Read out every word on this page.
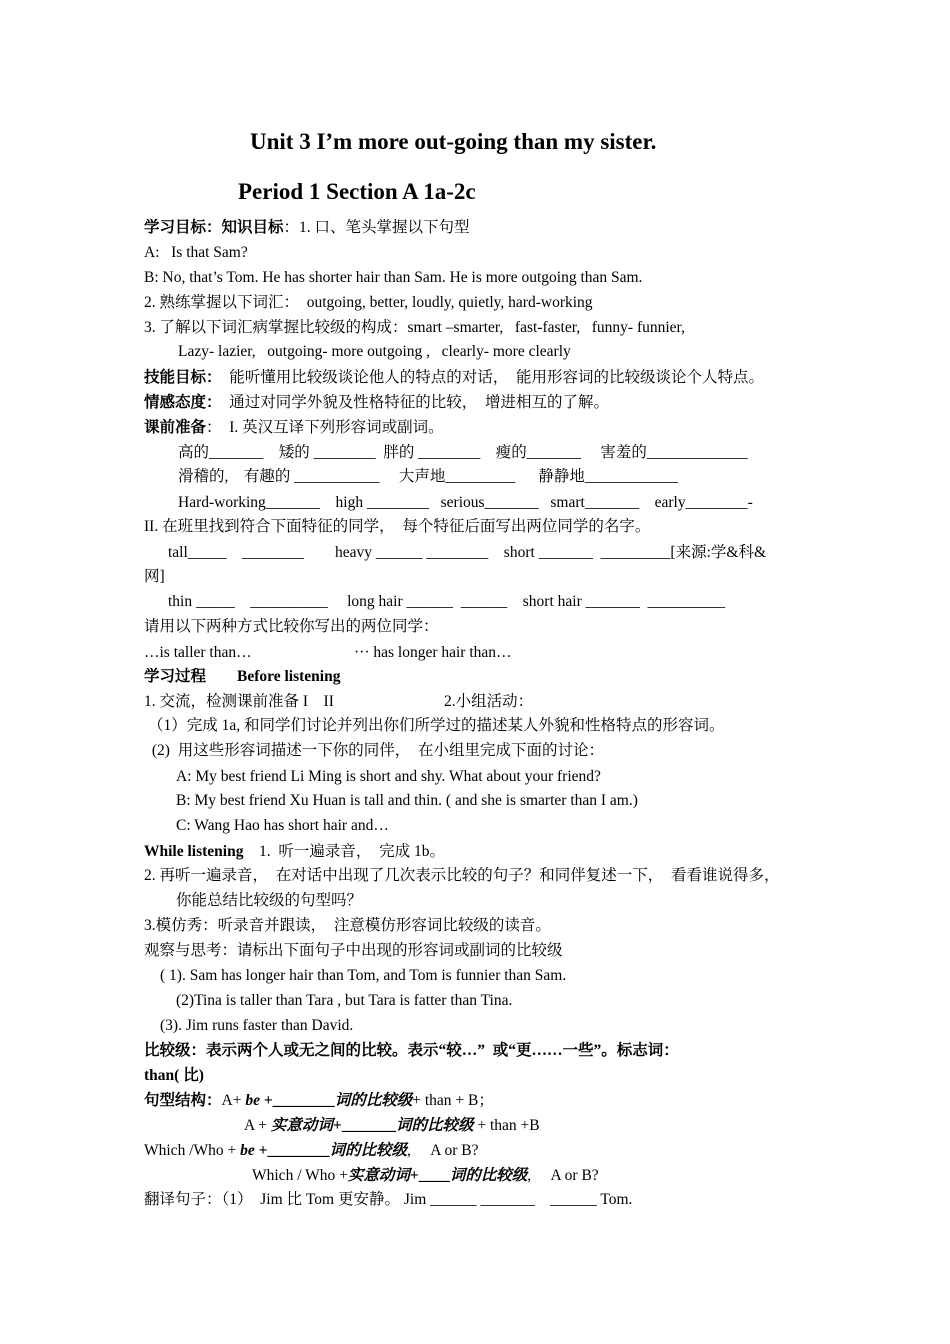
Unit 3 I’m more out-going than my sister.
Period 1 Section A 1a-2c
学习目标：知识目标：1. 口、笔头掌握以下句型
A:   Is that Sam?
B: No, that’s Tom. He has shorter hair than Sam. He is more outgoing than Sam.
2. 熟练掌握以下词汇：  outgoing, better, loudly, quietly, hard-working
3. 了解以下词汇病掌握比较级的构成：smart –smarter,   fast-faster,   funny- funnier,
Lazy- lazier,   outgoing- more outgoing ,   clearly- more clearly
技能目标：  能听懂用比较级谈论他人的特点的对话，  能用形容词的比较级谈论个人特点。
情感态度：  通过对同学外貌及性格特征的比较，  增进相互的了解。
课前准备：  I. 英汉互译下列形容词或副词。
高的_______    矮的 ________  胖的 ________    瘦的_______     害羞的_____________
滑稽的,    有趣的 ___________     大声地_________      静静地____________
Hard-working_______    high ________   serious_______   smart_______    early________-
II. 在班里找到符合下面特征的同学，  每个特征后面写出两位同学的名字。
tall_____    ________        heavy ______ ________    short _______  _________[来源:学&科&
网]
thin _____    __________     long hair ______  ______    short hair _______  __________
请用以下两种方式比较你写出的两位同学：
…is taller than…	··· has longer hair than…
学习过程 Before listening
1. 交流，检测课前准备 I    II	2.小组活动：
（1）完成 1a, 和同学们讨论并列出你们所学过的描述某人外貌和性格特点的形容词。
(2)  用这些形容词描述一下你的同伴，  在小组里完成下面的讨论：
A: My best friend Li Ming is short and shy. What about your friend?
B: My best friend Xu Huan is tall and thin. ( and she is smarter than I am.)
C: Wang Hao has short hair and…
While listening    1.  听一遍录音，  完成 1b。
2. 再听一遍录音，  在对话中出现了几次表示比较的句子？和同伴复述一下，  看看谁说得多，
你能总结比较级的句型吗？
3.模仿秀：听录音并跟读，  注意模仿形容词比较级的读音。
观察与思考：请标出下面句子中出现的形容词或副词的比较级
( 1). Sam has longer hair than Tom, and Tom is funnier than Sam.
(2)Tina is taller than Tara , but Tara is fatter than Tina.
(3). Jim runs faster than David.
比较级：表示两个人或无之间的比较。表示“较…”  或“更……一些”。标志词：
than( 比)
句型结构：A+ be +________词的比较级+ than + B；
A + 实意动词+_______词的比较级 + than +B
Which /Who + be +________词的比较级,     A or B?
Which / Who +实意动词+____词的比较级,     A or B?
翻译句子：（1）  Jim 比 Tom 更安静。 Jim ______ _______    ______ Tom.
